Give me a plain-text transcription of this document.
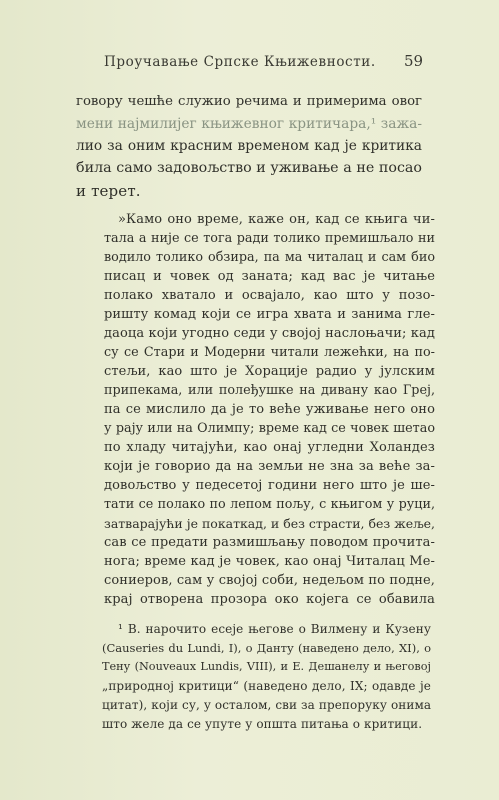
Проучавање Српске Књижевности. 59
говору чешће служио речима и примерима овог
мени најмилијег књижевног критичара,¹ зажа-
лио за оним красним временом кад је критика
била само задовољство и уживање а не посао
и терет.
»Камо оно време, каже он, кад се књига чи-
тала а није се тога ради толико премишљало ни
водило толико обзира, па ма читалац и сам био
писац и човек од заната; кад вас је читање
полако хватало и освајало, као што у позо-
ришту комад који се игра хвата и занима гле-
даоца који угодно седи у својој наслоњачи; кад
су се Стари и Модерни читали лежећки, на по-
стељи, као што је Хорације радио у јулским
припекама, или полеђушке на дивану као Греј,
па се мислило да је то веће уживање него оно
у рају или на Олимпу; време кад се човек шетао
по хладу читајући, као онај угледни Холандез
који је говорио да на земљи не зна за веће за-
довољство у педесетој години него што је ше-
тати се полако по лепом пољу, с књигом у руци,
затварајући је покаткад, и без страсти, без жеље,
сав се предати размишљању поводом прочита-
нога; време кад је човек, као онај Читалац Ме-
сониеров, сам у својој соби, недељом по подне,
крај отворена прозора око којега се обавила
¹ В. нарочито есеје његове о Вилмену и Кузену
(Causeries du Lundi, I), о Данту (наведено дело, XI), о
Тену (Nouveaux Lundis, VIII), и Е. Дешанелу и његовој
„природној критици“ (наведено дело, IX; одавде је
цитат), који су, у осталом, сви за препоруку онима
што желе да се упуте у општа питања о критици.
